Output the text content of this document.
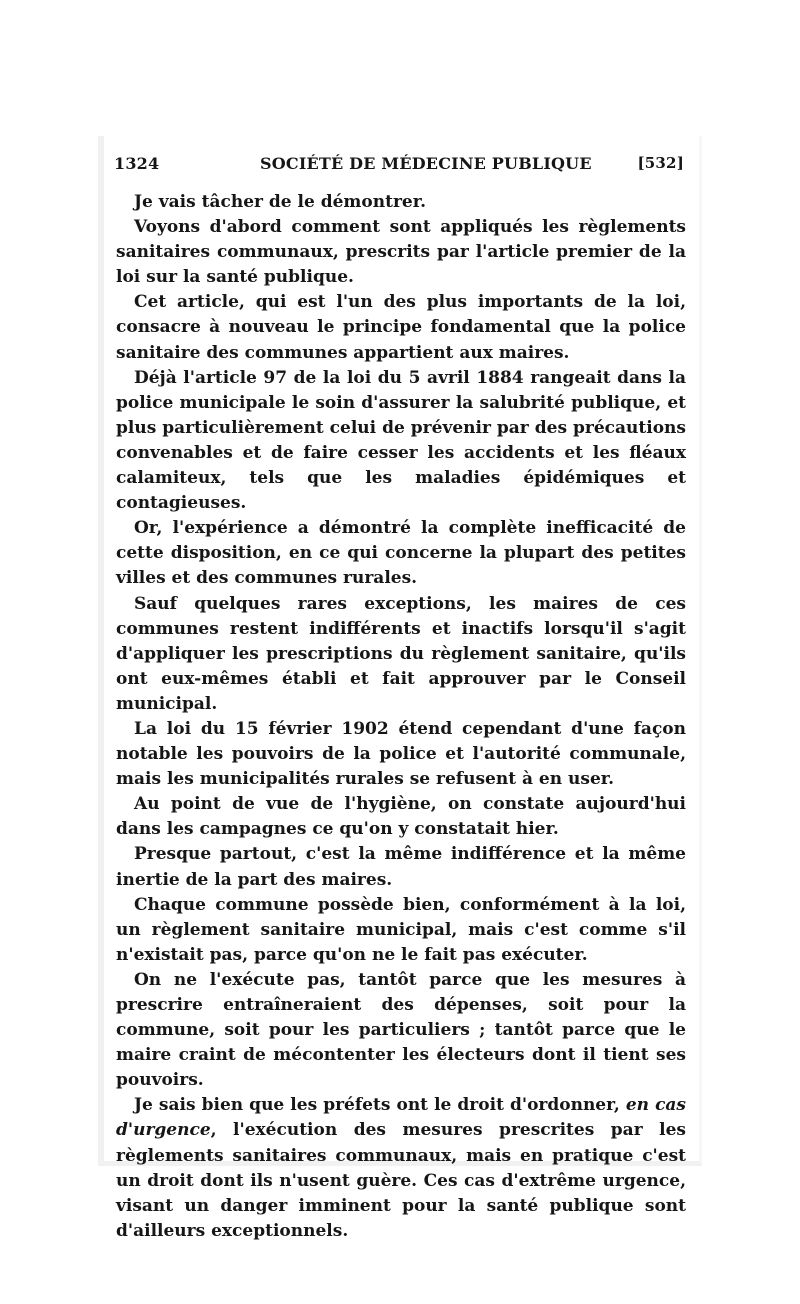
1324	SOCIÉTÉ DE MÉDECINE PUBLIQUE	[532]

Je vais tâcher de le démontrer.

Voyons d'abord comment sont appliqués les règlements sanitaires communaux, prescrits par l'article premier de la loi sur la santé publique.

Cet article, qui est l'un des plus importants de la loi, consacre à nouveau le principe fondamental que la police sanitaire des communes appartient aux maires.

Déjà l'article 97 de la loi du 5 avril 1884 rangeait dans la police municipale le soin d'assurer la salubrité publique, et plus particulièrement celui de prévenir par des précautions convenables et de faire cesser les accidents et les fléaux calamiteux, tels que les maladies épidémiques et contagieuses.

Or, l'expérience a démontré la complète inefficacité de cette disposition, en ce qui concerne la plupart des petites villes et des communes rurales.

Sauf quelques rares exceptions, les maires de ces communes restent indifférents et inactifs lorsqu'il s'agit d'appliquer les prescriptions du règlement sanitaire, qu'ils ont eux-mêmes établi et fait approuver par le Conseil municipal.

La loi du 15 février 1902 étend cependant d'une façon notable les pouvoirs de la police et l'autorité communale, mais les municipalités rurales se refusent à en user.

Au point de vue de l'hygiène, on constate aujourd'hui dans les campagnes ce qu'on y constatait hier.

Presque partout, c'est la même indifférence et la même inertie de la part des maires.

Chaque commune possède bien, conformément à la loi, un règlement sanitaire municipal, mais c'est comme s'il n'existait pas, parce qu'on ne le fait pas exécuter.

On ne l'exécute pas, tantôt parce que les mesures à prescrire entraîneraient des dépenses, soit pour la commune, soit pour les particuliers ; tantôt parce que le maire craint de mécontenter les électeurs dont il tient ses pouvoirs.

Je sais bien que les préfets ont le droit d'ordonner, en cas d'urgence, l'exécution des mesures prescrites par les règlements sanitaires communaux, mais en pratique c'est un droit dont ils n'usent guère. Ces cas d'extrême urgence, visant un danger imminent pour la santé publique sont d'ailleurs exceptionnels.
